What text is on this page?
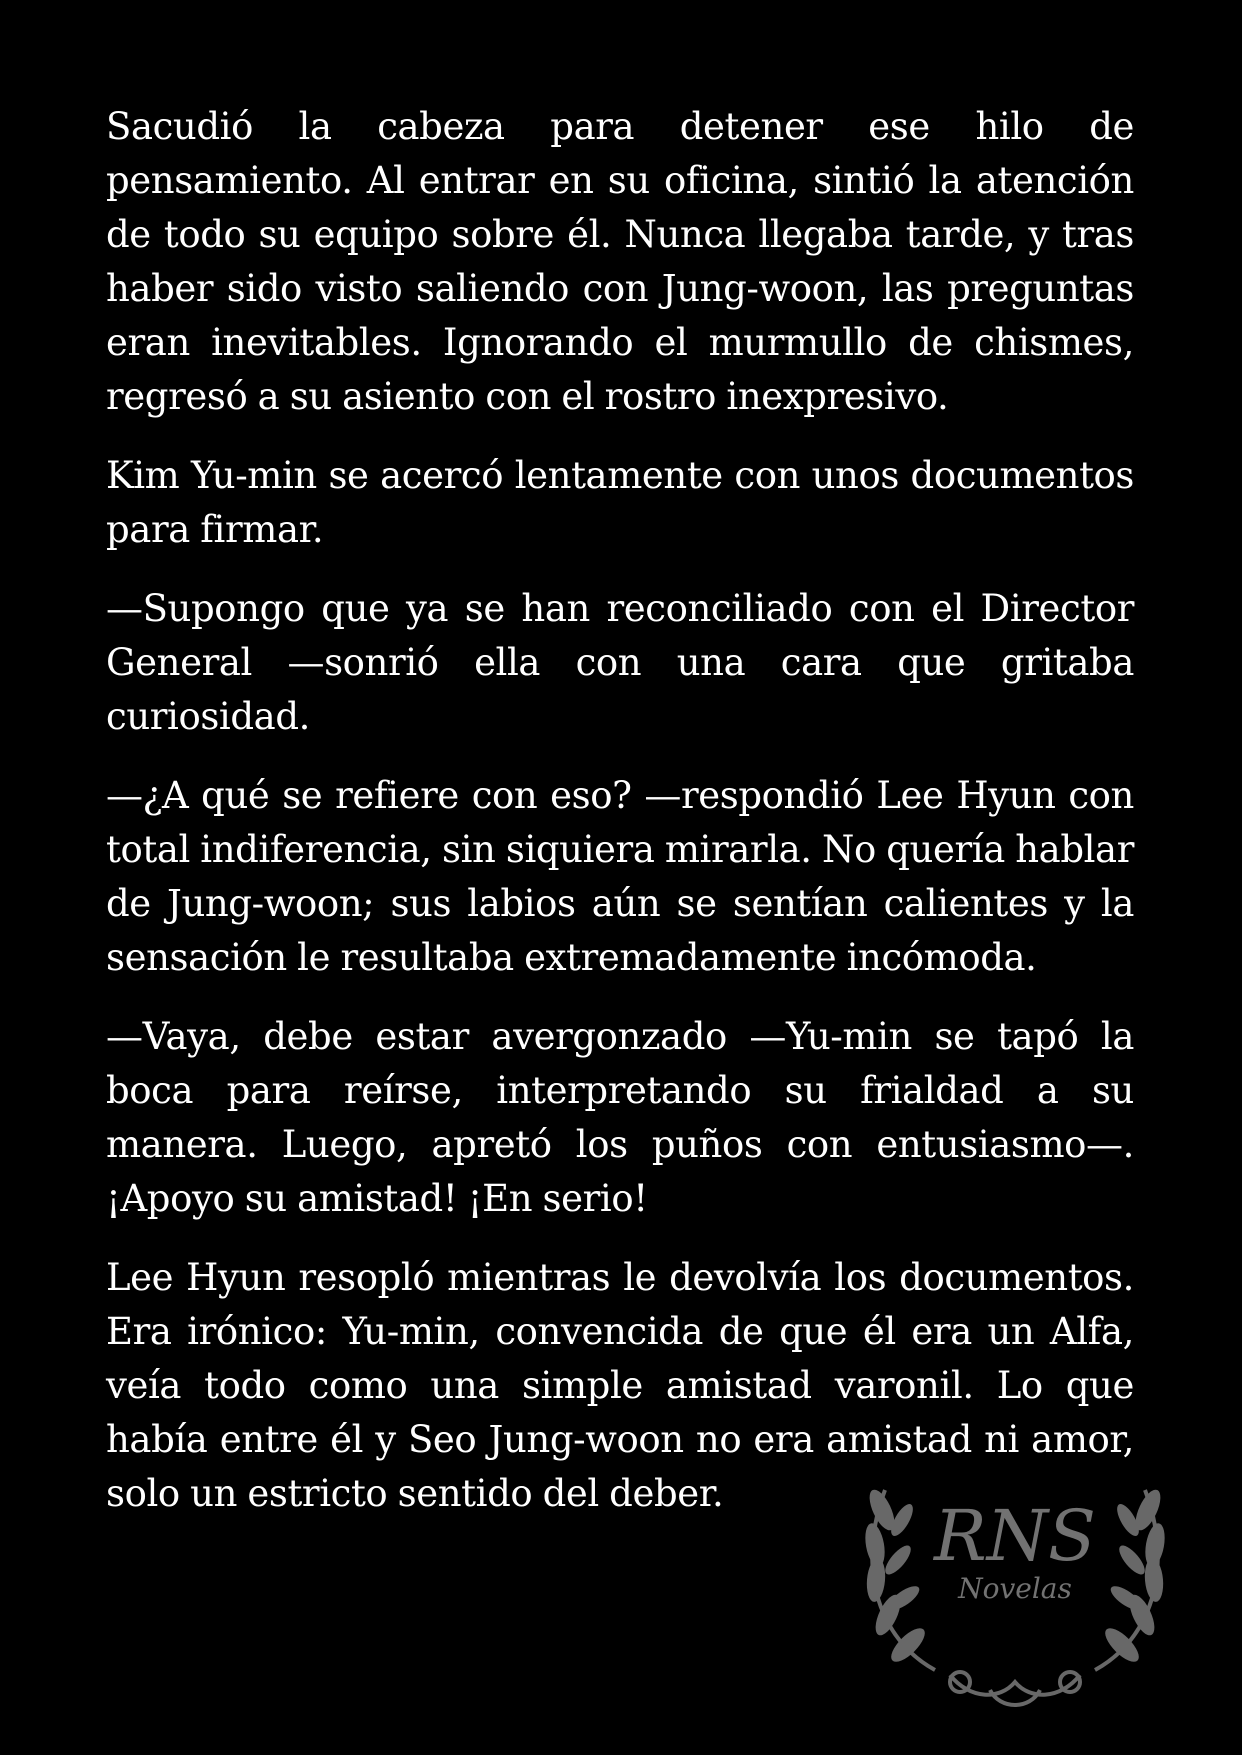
Sacudió la cabeza para detener ese hilo de pensamiento. Al entrar en su oficina, sintió la atención de todo su equipo sobre él. Nunca llegaba tarde, y tras haber sido visto saliendo con Jung-woon, las preguntas eran inevitables. Ignorando el murmullo de chismes, regresó a su asiento con el rostro inexpresivo.

Kim Yu-min se acercó lentamente con unos documentos para firmar.

—Supongo que ya se han reconciliado con el Director General —sonrió ella con una cara que gritaba curiosidad.

—¿A qué se refiere con eso? —respondió Lee Hyun con total indiferencia, sin siquiera mirarla. No quería hablar de Jung-woon; sus labios aún se sentían calientes y la sensación le resultaba extremadamente incómoda.

—Vaya, debe estar avergonzado —Yu-min se tapó la boca para reírse, interpretando su frialdad a su manera. Luego, apretó los puños con entusiasmo—. ¡Apoyo su amistad! ¡En serio!

Lee Hyun resopló mientras le devolvía los documentos. Era irónico: Yu-min, convencida de que él era un Alfa, veía todo como una simple amistad varonil. Lo que había entre él y Seo Jung-woon no era amistad ni amor, solo un estricto sentido del deber.

RNS
Novelas
